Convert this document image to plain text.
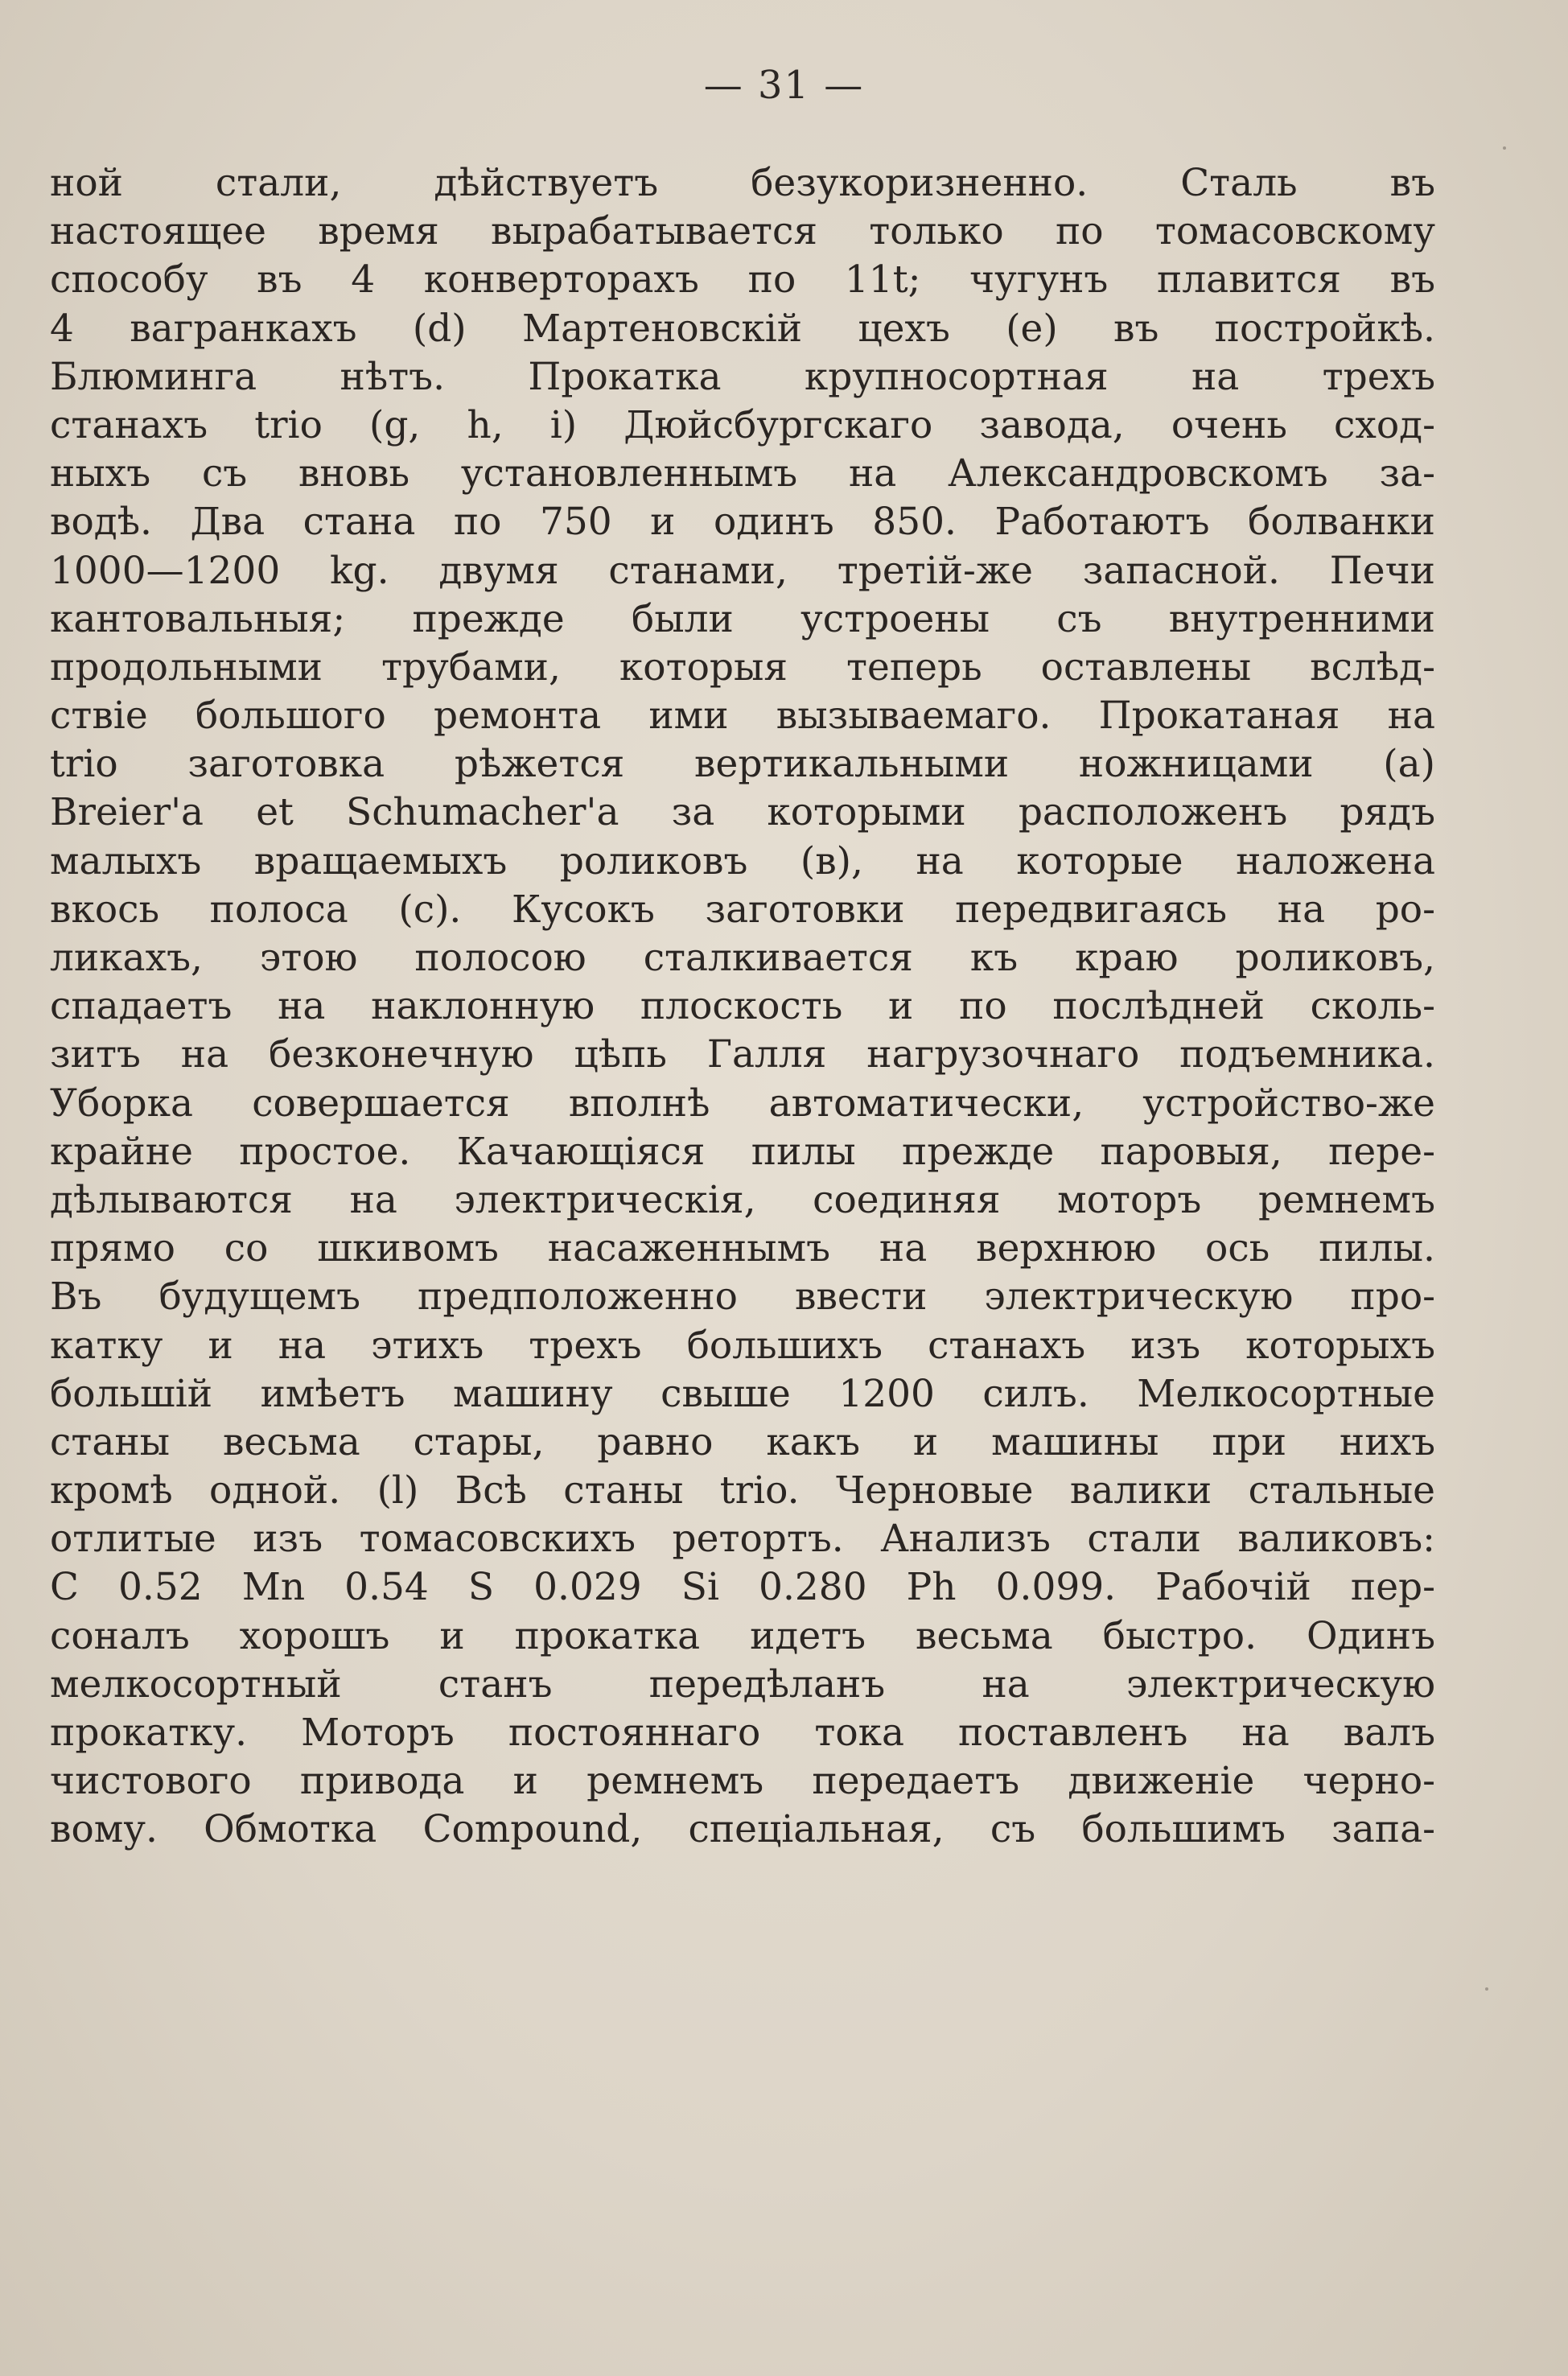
— 31 —
ной стали, дѣйствуетъ безукоризненно. Сталь въ
настоящее время вырабатывается только по томасовскому
способу въ 4 конверторахъ по 11t; чугунъ плавится въ
4 вагранкахъ (d) Мартеновскій цехъ (e) въ постройкѣ.
Блюминга нѣтъ. Прокатка крупносортная на трехъ
станахъ trio (g, h, i) Дюйсбургскаго завода, очень сход-
ныхъ съ вновь установленнымъ на Александровскомъ за-
водѣ. Два стана по 750 и одинъ 850. Работаютъ болванки
1000—1200 kg. двумя станами, третій-же запасной. Печи
кантовальныя; прежде были устроены съ внутренними
продольными трубами, которыя теперь оставлены вслѣд-
ствіе большого ремонта ими вызываемаго. Прокатаная на
trio заготовка рѣжется вертикальными ножницами (a)
Breier'a et Schumacher'a за которыми расположенъ рядъ
малыхъ вращаемыхъ роликовъ (в), на которые наложена
вкось полоса (c). Кусокъ заготовки передвигаясь на ро-
ликахъ, этою полосою сталкивается къ краю роликовъ,
спадаетъ на наклонную плоскость и по послѣдней сколь-
зитъ на безконечную цѣпь Галля нагрузочнаго подъемника.
Уборка совершается вполнѣ автоматически, устройство-же
крайне простое. Качающіяся пилы прежде паровыя, пере-
дѣлываются на электрическія, соединяя моторъ ремнемъ
прямо со шкивомъ насаженнымъ на верхнюю ось пилы.
Въ будущемъ предположенно ввести электрическую про-
катку и на этихъ трехъ большихъ станахъ изъ которыхъ
большій имѣетъ машину свыше 1200 силъ. Мелкосортные
станы весьма стары, равно какъ и машины при нихъ
кромѣ одной. (l) Всѣ станы trio. Черновые валики стальные
отлитые изъ томасовскихъ ретортъ. Анализъ стали валиковъ:
C 0.52 Mn 0.54 S 0.029 Si 0.280 Ph 0.099. Рабочій пер-
соналъ хорошъ и прокатка идетъ весьма быстро. Одинъ
мелкосортный станъ передѣланъ на электрическую
прокатку. Моторъ постояннаго тока поставленъ на валъ
чистового привода и ремнемъ передаетъ движеніе черно-
вому. Обмотка Compound, спеціальная, съ большимъ запа-
